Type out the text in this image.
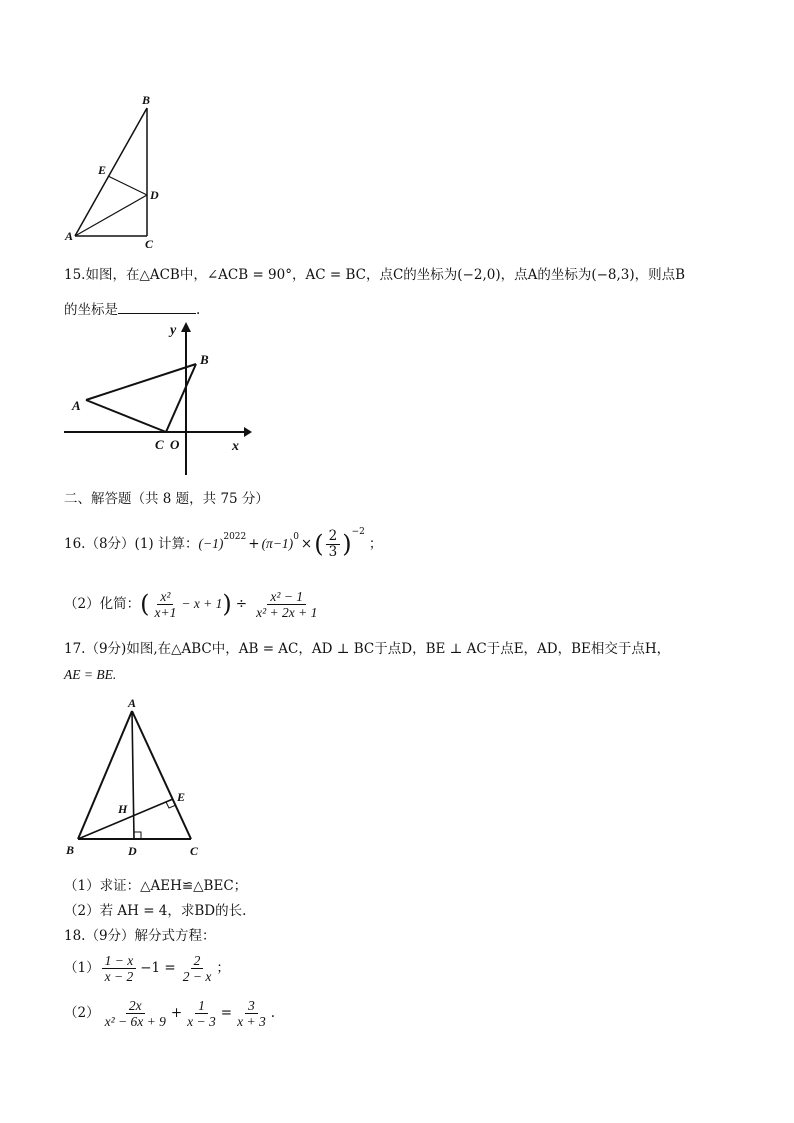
B
E
D
A
C
15.如图，在△ACB中，∠ACB = 90°，AC = BC，点C的坐标为(−2,0)，点A的坐标为(−8,3)，则点B
的坐标是	.
y
B
A
C O	x
二、解答题（共 8 题，共 75 分）
16.（8分）(1) 计算： $(-1)^{2022} + (\pi-1)^0$ × ( $\frac{2}{3} )^{-2}$
；
（2）化简： ( $\frac{\text{x²}}{x+1} - x + 1$ ) ÷ $\frac{\text{x² − 1}}{\text{x² + 2x + 1}}$
17.（9分)如图,在△ABC中，AB = AC，AD ⊥ BC于点D，BE ⊥ AC于点E，AD，BE相交于点H，
AE = BE.
A
E
H
B	D	C
（1）求证：△AEH≌△BEC；
（2）若 AH = 4，求BD的长.
18.（9分）解分式方程：
$(1) \frac{1 - x}{x - 2} -1 = \frac{2}{2 - x}$ ；
$(2) \frac{2x}{\text{x² − 6x + 9}} + \frac{1}{x - 3} = \frac{3}{x + 3}$ .
